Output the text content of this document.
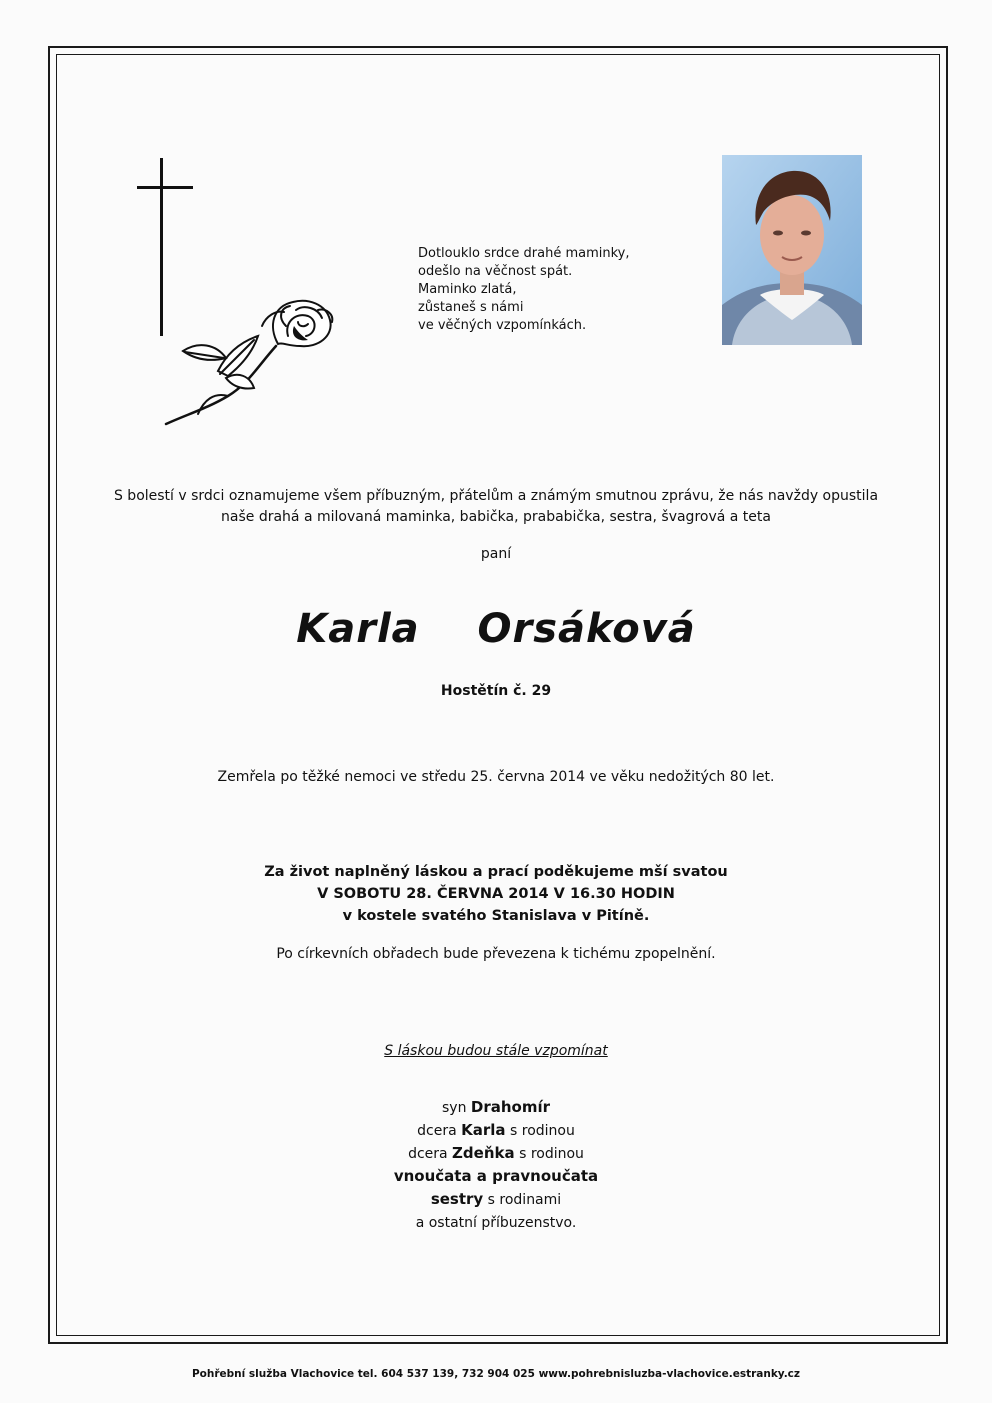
Dotlouklo srdce drahé maminky,
odešlo na věčnost spát.
Maminko zlatá,
zůstaneš s námi
ve věčných vzpomínkách.
S bolestí v srdci oznamujeme všem příbuzným, přátelům a známým smutnou zprávu, že nás navždy opustila
naše drahá a milovaná maminka, babička, prababička, sestra, švagrová a teta
paní
Karla  Orsáková
Hostětín č. 29
Zemřela po těžké nemoci ve středu 25. června 2014 ve věku nedožitých 80 let.
Za život naplněný láskou a prací poděkujeme mší svatou
V SOBOTU 28. ČERVNA 2014 V 16.30 HODIN
v kostele svatého Stanislava v Pitíně.
Po církevních obřadech bude převezena k tichému zpopelnění.
S láskou budou stále vzpomínat
syn Drahomír
dcera Karla s rodinou
dcera Zdeňka s rodinou
vnoučata a pravnoučata
sestry s rodinami
a ostatní příbuzenstvo.
Pohřební služba Vlachovice tel. 604 537 139, 732 904 025 www.pohrebnisluzba-vlachovice.estranky.cz
